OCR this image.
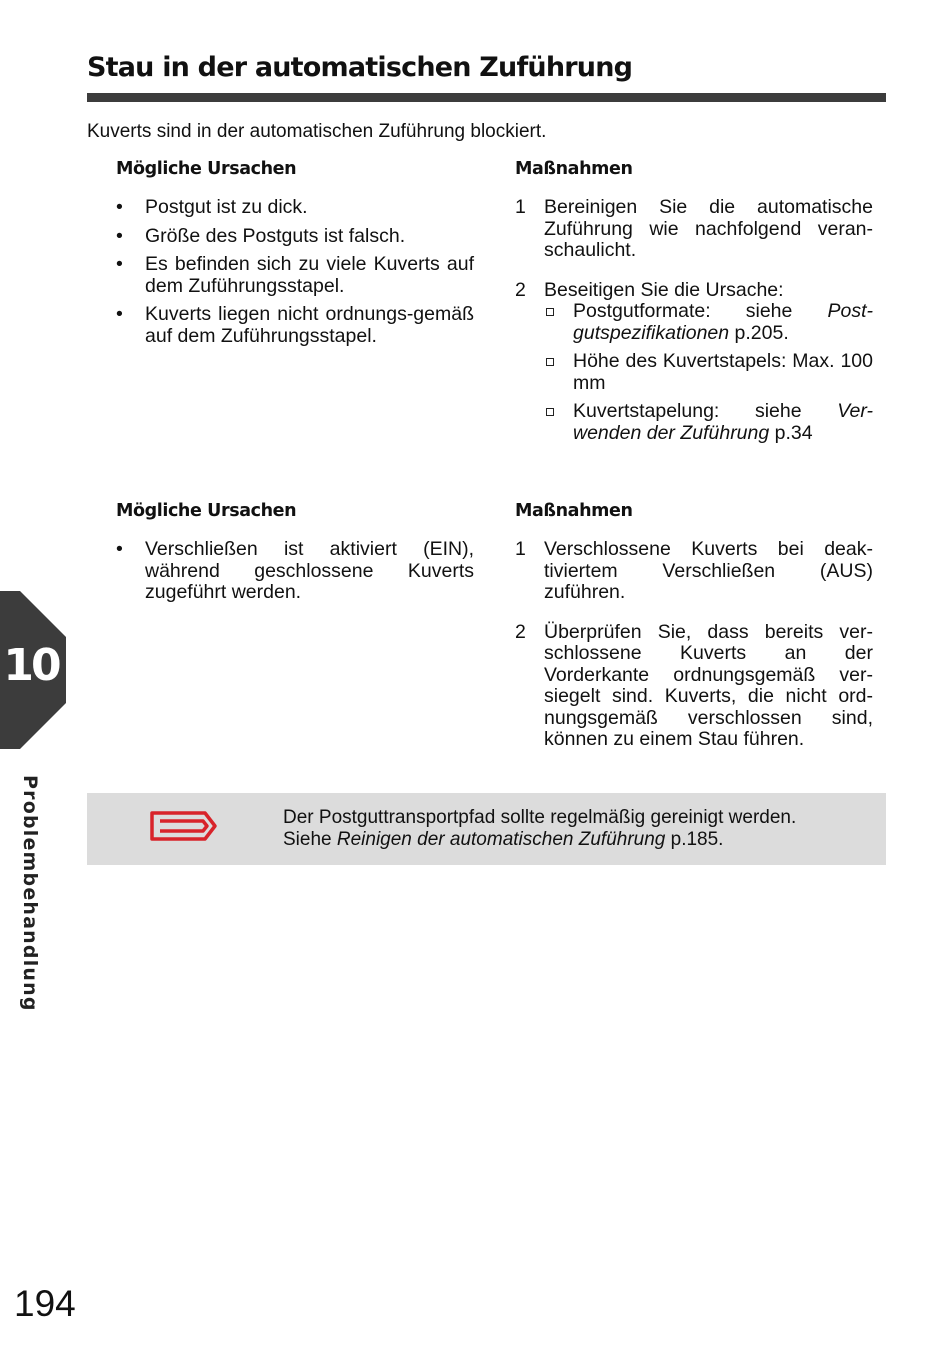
Stau in der automatischen Zuführung

Kuverts sind in der automatischen Zuführung blockiert.

Mögliche Ursachen	Maßnahmen
• Postgut ist zu dick.
• Größe des Postguts ist falsch.
• Es befinden sich zu viele Kuverts auf dem Zuführungsstapel.
• Kuverts liegen nicht ordnungs-gemäß auf dem Zuführungsstapel.
1 Bereinigen Sie die automatische Zuführung wie nachfolgend veran-schaulicht.
2 Beseitigen Sie die Ursache:
Postgutformate: siehe Post-gutspezifikationen p.205.
Höhe des Kuvertstapels: Max. 100 mm
Kuvertstapelung: siehe Ver-wenden der Zuführung p.34
Mögliche Ursachen	Maßnahmen
• Verschließen ist aktiviert (EIN), während geschlossene Kuverts zugeführt werden.
1 Verschlossene Kuverts bei deak-tiviertem Verschließen (AUS) zuführen.
2 Überprüfen Sie, dass bereits ver-schlossene Kuverts an der Vorderkante ordnungsgemäß ver-siegelt sind. Kuverts, die nicht ord-nungsgemäß verschlossen sind, können zu einem Stau führen.

Der Postguttransportpfad sollte regelmäßig gereinigt werden.
Siehe Reinigen der automatischen Zuführung p.185.

10
Problembehandlung
194
